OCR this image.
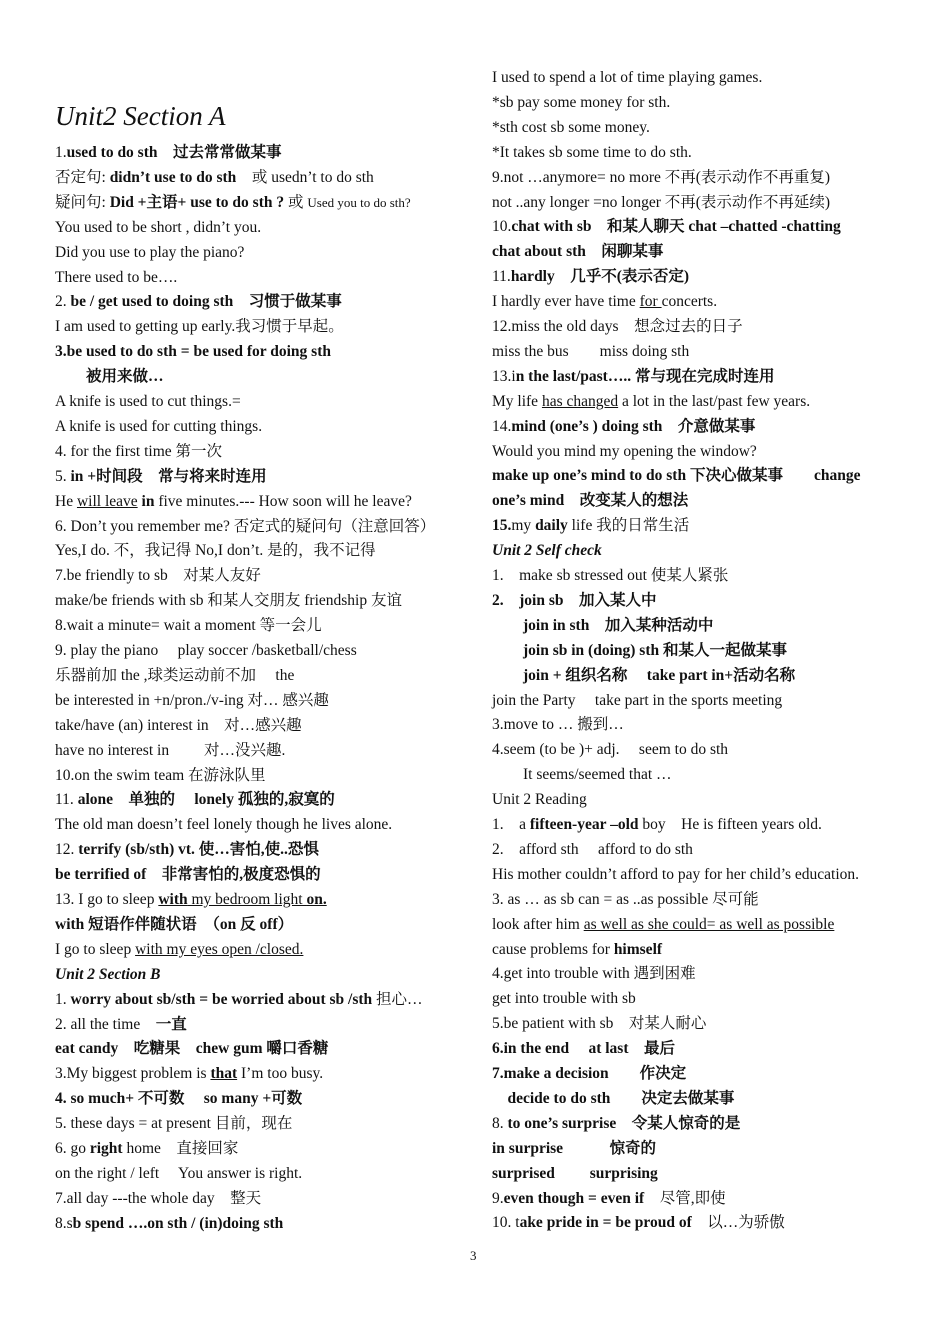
Unit2 Section A
1.used to do sth　过去常常做某事
否定句: didn’t use to do sth　或 usedn’t to do sth
疑问句: Did +主语+ use to do sth ? 或 Used you to do sth?
You used to be short , didn’t you.
Did you use to play the piano?
There used to be….
2. be / get used to doing sth　习惯于做某事
I am used to getting up early.我习惯于早起。
3.be used to do sth = be used for doing sth
　　被用来做…
A knife is used to cut things.=
A knife is used for cutting things.
4. for the first time 第一次
5. in +时间段　常与将来时连用
He will leave in five minutes.--- How soon will he leave?
6. Don’t you remember me? 否定式的疑问句（注意回答）
Yes,I do. 不，我记得 No,I don’t. 是的，我不记得
7.be friendly to sb　对某人友好
make/be friends with sb 和某人交朋友 friendship 友谊
8.wait a minute= wait a moment 等一会儿
9. play the piano　 play soccer /basketball/chess
乐器前加 the ,球类运动前不加　 the
be interested in +n/pron./v-ing 对… 感兴趣
take/have (an) interest in　对…感兴趣
have no interest in　　 对…没兴趣.
10.on the swim team 在游泳队里
11. alone　单独的　 lonely 孤独的,寂寞的
The old man doesn’t feel lonely though he lives alone.
12. terrify (sb/sth) vt. 使…害怕,使..恐惧
be terrified of　非常害怕的,极度恐惧的
13. I go to sleep with my bedroom light on.
with 短语作伴随状语　（on 反 off）
I go to sleep with my eyes open /closed.
Unit 2 Section B
1. worry about sb/sth = be worried about sb /sth 担心…
2. all the time　一直
eat candy　吃糖果　chew gum 嚼口香糖
3.My biggest problem is that I’m too busy.
4. so much+ 不可数　 so many +可数
5. these days = at present 目前，现在
6. go right home　直接回家
on the right / left　 You answer is right.
7.all day ---the whole day　整天
8.sb spend ….on sth / (in)doing sth
I used to spend a lot of time playing games.
*sb pay some money for sth.
*sth cost sb some money.
*It takes sb some time to do sth.
9.not …anymore= no more 不再(表示动作不再重复)
not ..any longer =no longer 不再(表示动作不再延续)
10.chat with sb　和某人聊天 chat –chatted -chatting
chat about sth　闲聊某事
11.hardly　几乎不(表示否定)
I hardly ever have time for concerts.
12.miss the old days　想念过去的日子
miss the bus　　miss doing sth
13.in the last/past….. 常与现在完成时连用
My life has changed a lot in the last/past few years.
14.mind (one’s ) doing sth　介意做某事
Would you mind my opening the window?
make up one’s mind to do sth 下决心做某事　　change
one’s mind　改变某人的想法
15.my daily life 我的日常生活
Unit 2 Self check
1.　make sb stressed out 使某人紧张
2.　join sb　加入某人中
　　join in sth　加入某种活动中
　　join sb in (doing) sth 和某人一起做某事
　　join + 组织名称　 take part in+活动名称
join the Party　 take part in the sports meeting
3.move to … 搬到…
4.seem (to be )+ adj.　 seem to do sth
　　It seems/seemed that …
Unit 2 Reading
1.　a fifteen-year –old boy　He is fifteen years old.
2.　afford sth　 afford to do sth
His mother couldn’t afford to pay for her child’s education.
3. as … as sb can = as ..as possible 尽可能
look after him as well as she could= as well as possible
cause problems for himself
4.get into trouble with 遇到困难
get into trouble with sb
5.be patient with sb　对某人耐心
6.in the end　 at last　最后
7.make a decision　　作决定
　decide to do sth　　决定去做某事
8. to one’s surprise　令某人惊奇的是
in surprise　　　惊奇的
surprised　　 surprising
9.even though = even if　尽管,即使
10. take pride in = be proud of　以…为骄傲
3
